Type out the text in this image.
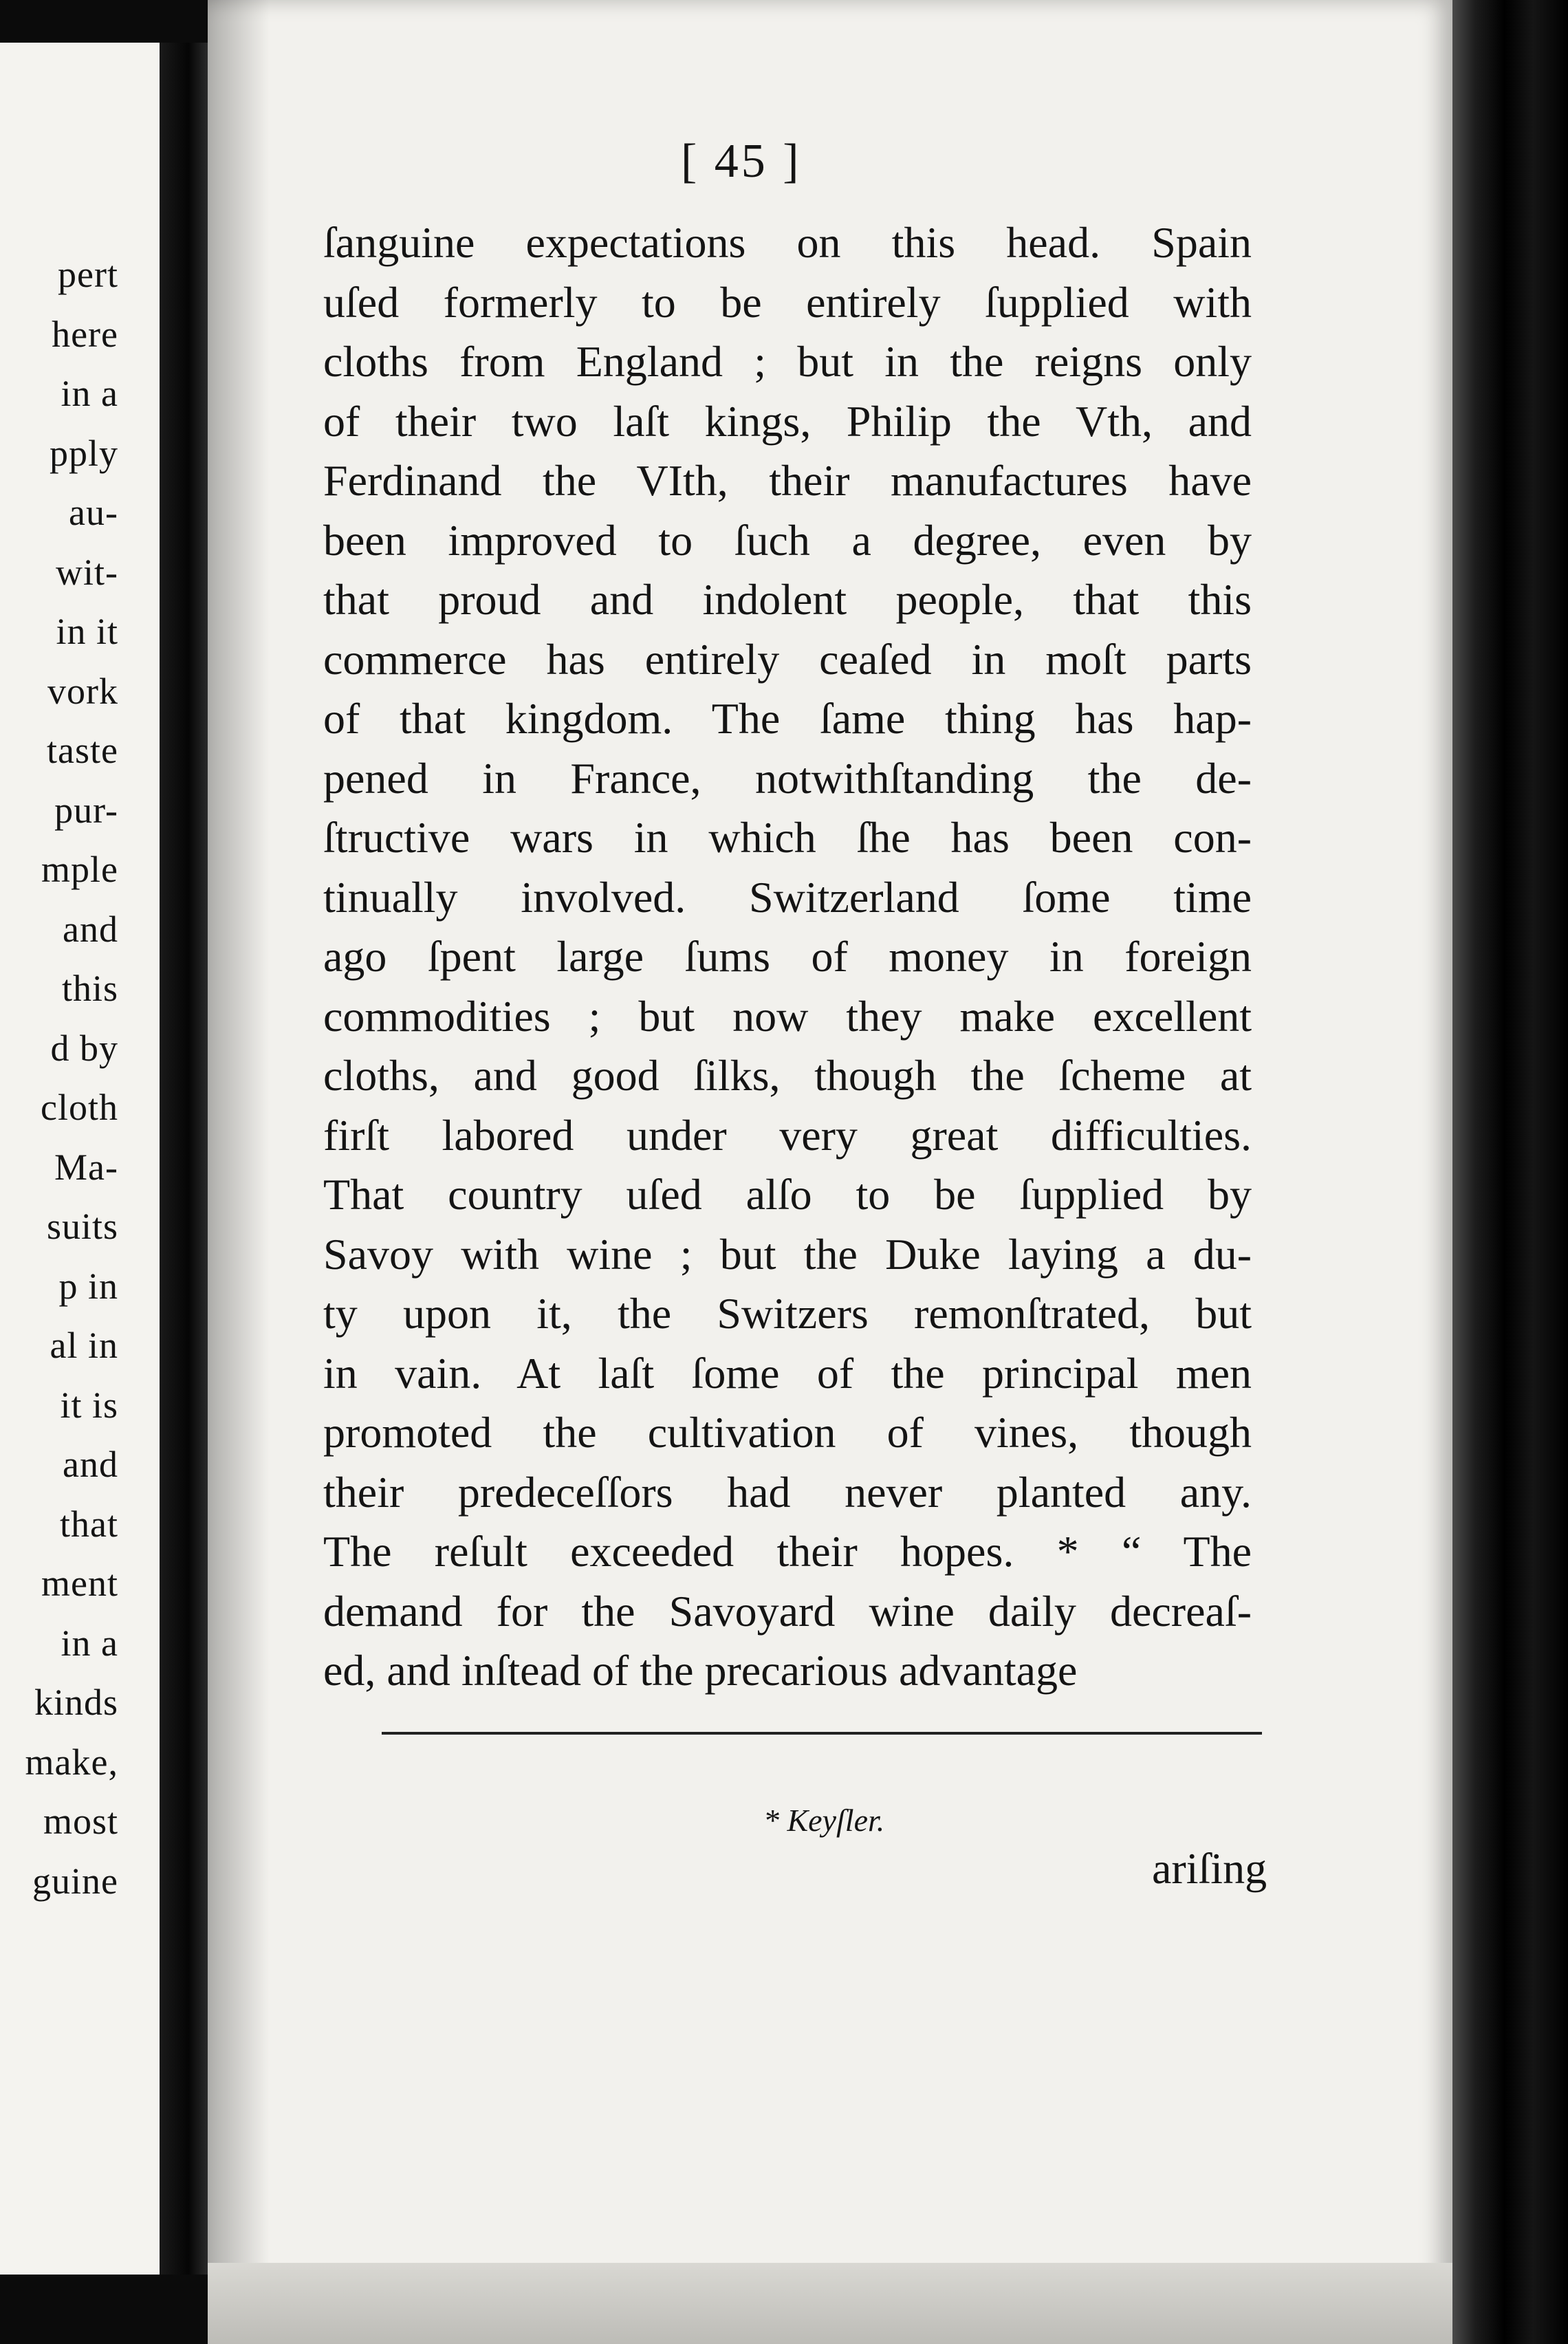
pert
here
in a
pply
au-
wit-
in it
vork
taste
pur-
mple
and
this
d by
cloth
Ma-
suits
p in
al in
it is
and
that
ment
in a
kinds
make,
most
guine
[ 45 ]
ſanguine expectations on this head. Spain
uſed formerly to be entirely ſupplied with
cloths from England ; but in the reigns only
of their two laſt kings, Philip the Vth, and
Ferdinand the VIth, their manufactures have
been improved to ſuch a degree, even by
that proud and indolent people, that this
commerce has entirely ceaſed in moſt parts
of that kingdom. The ſame thing has hap-
pened in France, notwithſtanding the de-
ſtructive wars in which ſhe has been con-
tinually involved. Switzerland ſome time
ago ſpent large ſums of money in foreign
commodities ; but now they make excellent
cloths, and good ſilks, though the ſcheme at
firſt labored under very great difficulties.
That country uſed alſo to be ſupplied by
Savoy with wine ; but the Duke laying a du-
ty upon it, the Switzers remonſtrated, but
in vain. At laſt ſome of the principal men
promoted the cultivation of vines, though
their predeceſſors had never planted any.
The reſult exceeded their hopes. * “ The
demand for the Savoyard wine daily decreaſ-
ed, and inſtead of the precarious advantage
* Keyſler.
ariſing
